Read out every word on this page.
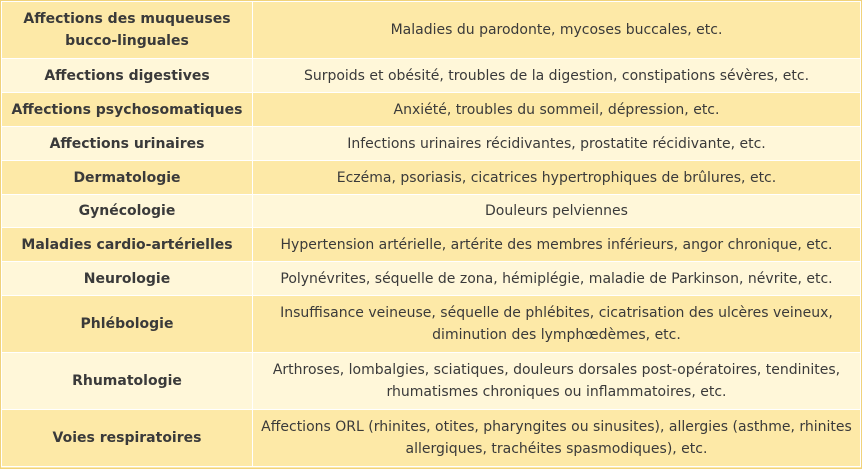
Affections des muqueuses bucco-linguales	Maladies du parodonte, mycoses buccales, etc.
Affections digestives	Surpoids et obésité, troubles de la digestion, constipations sévères, etc.
Affections psychosomatiques	Anxiété, troubles du sommeil, dépression, etc.
Affections urinaires	Infections urinaires récidivantes, prostatite récidivante, etc.
Dermatologie	Eczéma, psoriasis, cicatrices hypertrophiques de brûlures, etc.
Gynécologie	Douleurs pelviennes
Maladies cardio-artérielles	Hypertension artérielle, artérite des membres inférieurs, angor chronique, etc.
Neurologie	Polynévrites, séquelle de zona, hémiplégie, maladie de Parkinson, névrite, etc.
Phlébologie	Insuffisance veineuse, séquelle de phlébites, cicatrisation des ulcères veineux, diminution des lymphœdèmes, etc.
Rhumatologie	Arthroses, lombalgies, sciatiques, douleurs dorsales post-opératoires, tendinites, rhumatismes chroniques ou inflammatoires, etc.
Voies respiratoires	Affections ORL (rhinites, otites, pharyngites ou sinusites), allergies (asthme, rhinites allergiques, trachéites spasmodiques), etc.
